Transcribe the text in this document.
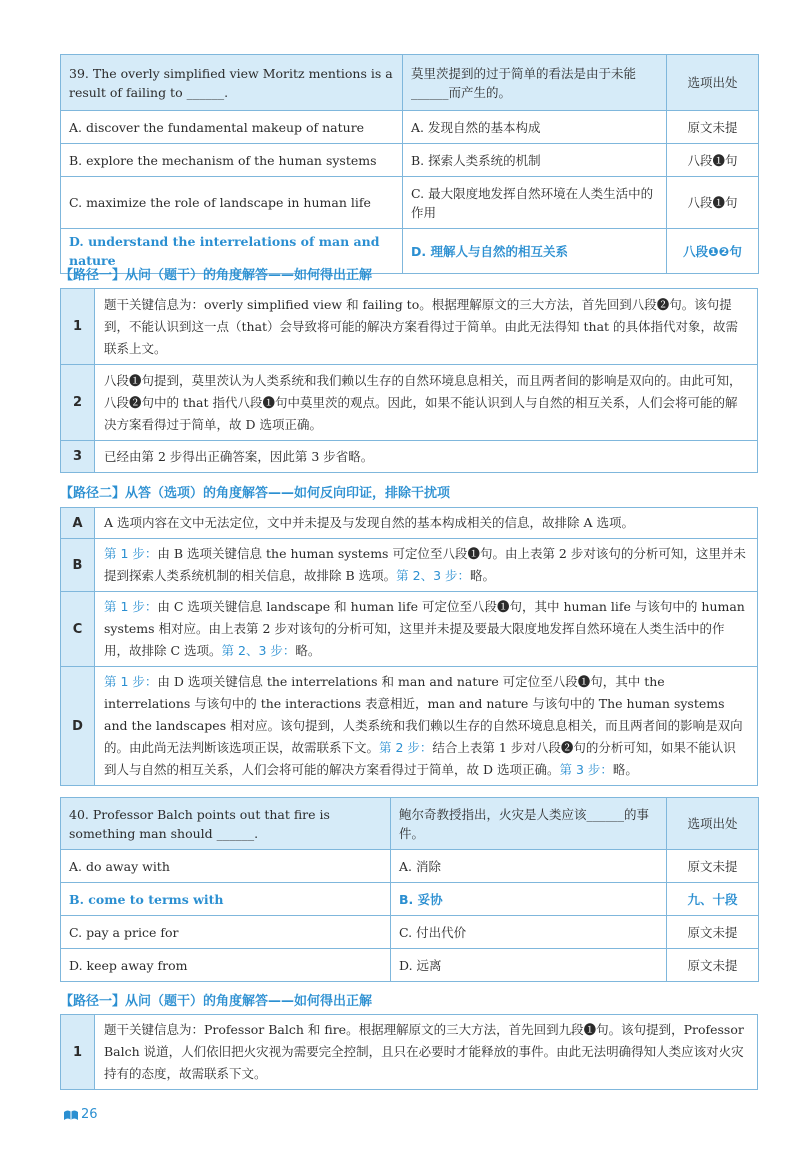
39. The overly simplified view Moritz mentions is a result of failing to ______.	莫里茨提到的过于简单的看法是由于未能______而产生的。	选项出处
A. discover the fundamental makeup of nature	A. 发现自然的基本构成	原文未提
B. explore the mechanism of the human systems	B. 探索人类系统的机制	八段❶句
C. maximize the role of landscape in human life	C. 最大限度地发挥自然环境在人类生活中的作用	八段❶句
D. understand the interrelations of man and nature	D. 理解人与自然的相互关系	八段❶❷句
【路径一】从问（题干）的角度解答——如何得出正解
1	题干关键信息为：overly simplified view 和 failing to。根据理解原文的三大方法，首先回到八段❷句。该句提到，不能认识到这一点（that）会导致将可能的解决方案看得过于简单。由此无法得知 that 的具体指代对象，故需联系上文。
2	八段❶句提到，莫里茨认为人类系统和我们赖以生存的自然环境息息相关，而且两者间的影响是双向的。由此可知，八段❷句中的 that 指代八段❶句中莫里茨的观点。因此，如果不能认识到人与自然的相互关系，人们会将可能的解决方案看得过于简单，故 D 选项正确。
3	已经由第 2 步得出正确答案，因此第 3 步省略。
【路径二】从答（选项）的角度解答——如何反向印证，排除干扰项
A	A 选项内容在文中无法定位，文中并未提及与发现自然的基本构成相关的信息，故排除 A 选项。
B	第 1 步：由 B 选项关键信息 the human systems 可定位至八段❶句。由上表第 2 步对该句的分析可知，这里并未提到探索人类系统机制的相关信息，故排除 B 选项。第 2、3 步：略。
C	第 1 步：由 C 选项关键信息 landscape 和 human life 可定位至八段❶句，其中 human life 与该句中的 human systems 相对应。由上表第 2 步对该句的分析可知，这里并未提及要最大限度地发挥自然环境在人类生活中的作用，故排除 C 选项。第 2、3 步：略。
D	第 1 步：由 D 选项关键信息 the interrelations 和 man and nature 可定位至八段❶句，其中 the interrelations 与该句中的 the interactions 表意相近，man and nature 与该句中的 The human systems and the landscapes 相对应。该句提到，人类系统和我们赖以生存的自然环境息息相关，而且两者间的影响是双向的。由此尚无法判断该选项正误，故需联系下文。第 2 步：结合上表第 1 步对八段❷句的分析可知，如果不能认识到人与自然的相互关系，人们会将可能的解决方案看得过于简单，故 D 选项正确。第 3 步：略。
40. Professor Balch points out that fire is something man should ______.	鲍尔奇教授指出，火灾是人类应该______的事件。	选项出处
A. do away with	A. 消除	原文未提
B. come to terms with	B. 妥协	九、十段
C. pay a price for	C. 付出代价	原文未提
D. keep away from	D. 远离	原文未提
【路径一】从问（题干）的角度解答——如何得出正解
1	题干关键信息为：Professor Balch 和 fire。根据理解原文的三大方法，首先回到九段❶句。该句提到，Professor Balch 说道，人们依旧把火灾视为需要完全控制，且只在必要时才能释放的事件。由此无法明确得知人类应该对火灾持有的态度，故需联系下文。
26
